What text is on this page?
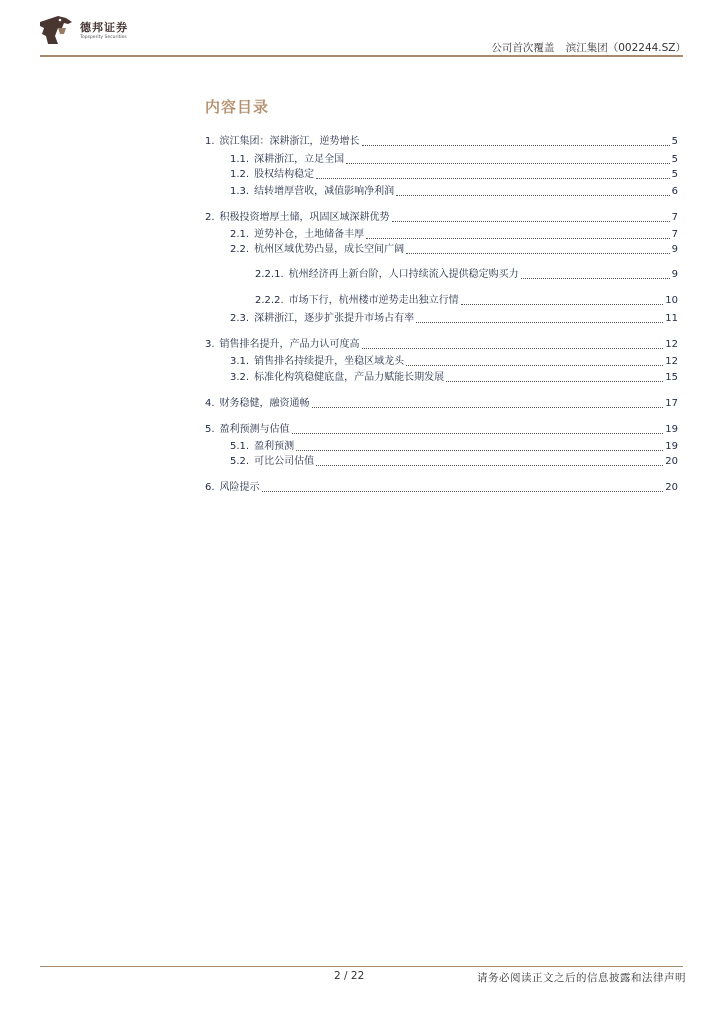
德邦证券
Topsperity Securities
公司首次覆盖 滨江集团（002244.SZ）
内容目录
1. 滨江集团：深耕浙江，逆势增长	5
1.1. 深耕浙江，立足全国	5
1.2. 股权结构稳定	5
1.3. 结转增厚营收，减值影响净利润	6
2. 积极投资增厚土储，巩固区域深耕优势	7
2.1. 逆势补仓，土地储备丰厚	7
2.2. 杭州区域优势凸显，成长空间广阔	9
2.2.1. 杭州经济再上新台阶，人口持续流入提供稳定购买力	9
2.2.2. 市场下行，杭州楼市逆势走出独立行情	10
2.3. 深耕浙江，逐步扩张提升市场占有率	11
3. 销售排名提升，产品力认可度高	12
3.1. 销售排名持续提升，坐稳区域龙头	12
3.2. 标准化构筑稳健底盘，产品力赋能长期发展	15
4. 财务稳健，融资通畅	17
5. 盈利预测与估值	19
5.1. 盈利预测	19
5.2. 可比公司估值	20
6. 风险提示	20
2 / 22	请务必阅读正文之后的信息披露和法律声明
